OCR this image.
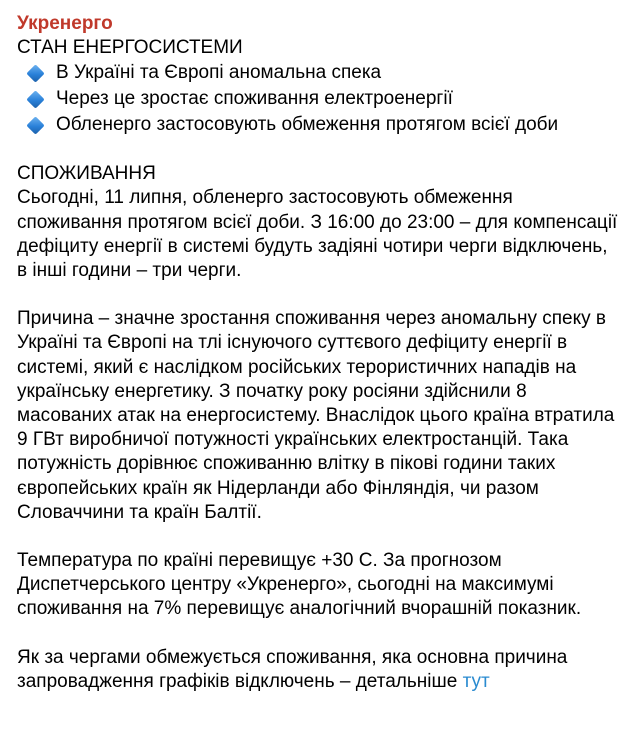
Укренерго
СТАН ЕНЕРГОСИСТЕМИ
В Україні та Європі аномальна спека
Через це зростає споживання електроенергії
Обленерго застосовують обмеження протягом всієї доби
СПОЖИВАННЯ

Сьогодні, 11 липня, обленерго застосовують обмеження споживання протягом всієї доби. З 16:00 до 23:00 – для компенсації дефіциту енергії в системі будуть задіяні чотири черги відключень, в інші години – три черги.

Причина – значне зростання споживання через аномальну спеку в Україні та Європі на тлі існуючого суттєвого дефіциту енергії в системі, який є наслідком російських терористичних нападів на українську енергетику. З початку року росіяни здійснили 8 масованих атак на енергосистему. Внаслідок цього країна втратила 9 ГВт виробничої потужності українських електростанцій. Така потужність дорівнює споживанню влітку в пікові години таких європейських країн як Нідерланди або Фінляндія, чи разом Словаччини та країн Балтії.

Температура по країні перевищує +30 С. За прогнозом Диспетчерського центру «Укренерго», сьогодні на максимумі споживання на 7% перевищує аналогічний вчорашній показник.

Як за чергами обмежується споживання, яка основна причина запровадження графіків відключень – детальніше тут
